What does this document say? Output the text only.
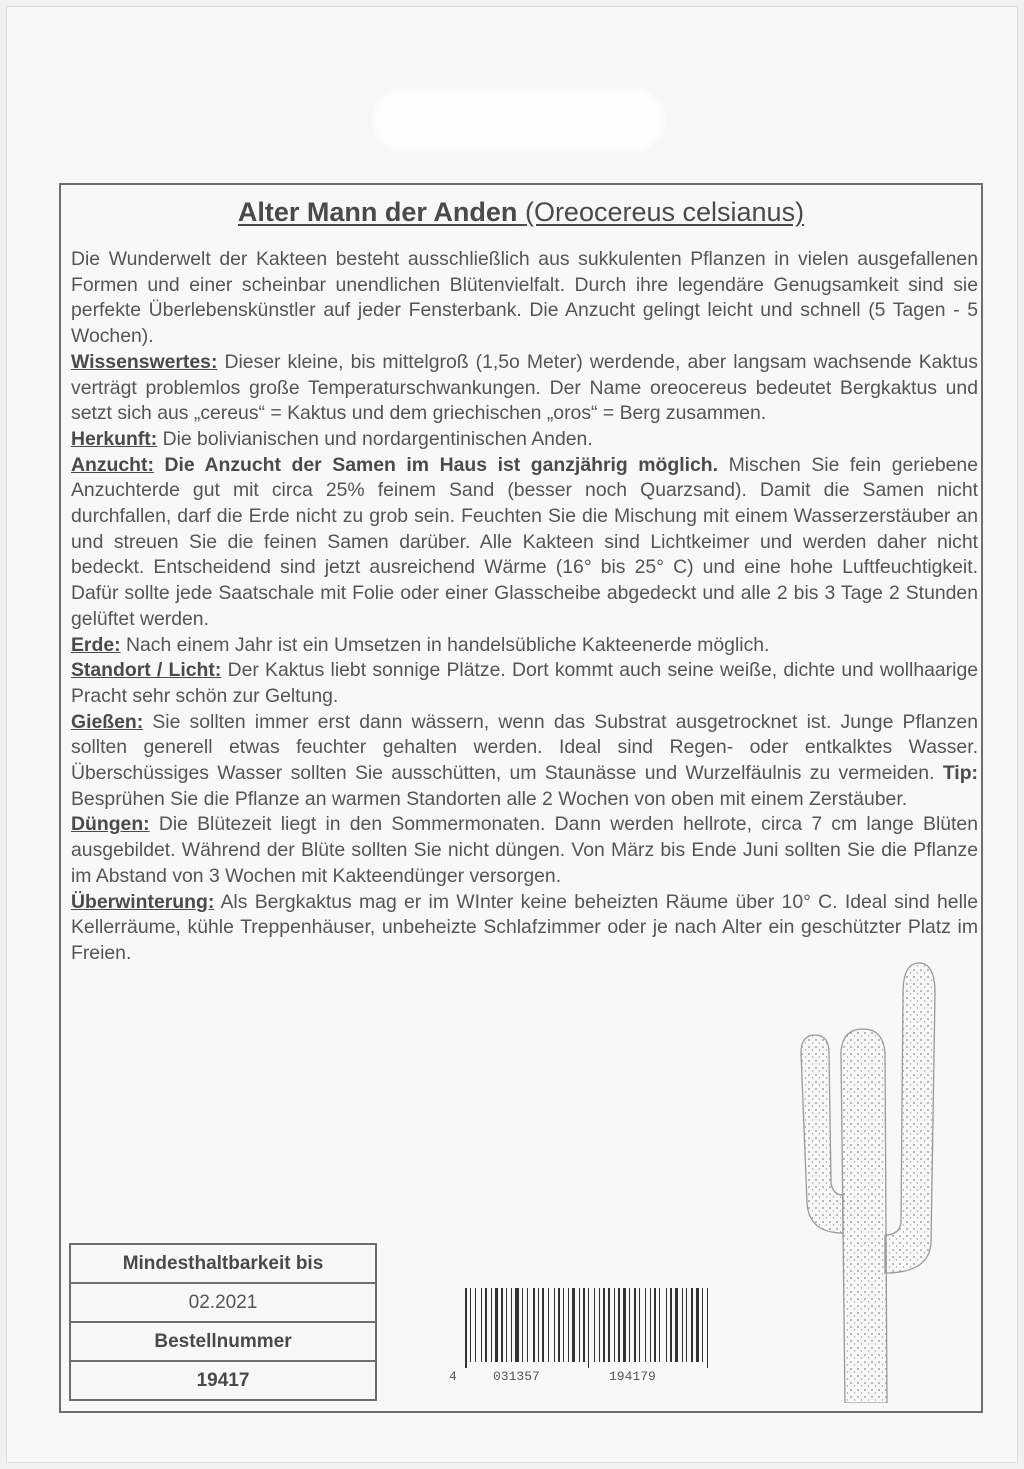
Alter Mann der Anden (Oreocereus celsianus)

Die Wunderwelt der Kakteen besteht ausschließlich aus sukkulenten Pflanzen in vielen ausgefallenen Formen und einer scheinbar unendlichen Blütenvielfalt. Durch ihre legendäre Genugsamkeit sind sie perfekte Überlebenskünstler auf jeder Fensterbank. Die Anzucht gelingt leicht und schnell (5 Tagen - 5 Wochen).

Wissenswertes: Dieser kleine, bis mittelgroß (1,5o Meter) werdende, aber langsam wachsende Kaktus verträgt problemlos große Temperaturschwankungen. Der Name oreocereus bedeutet Bergkaktus und setzt sich aus „cereus“ = Kaktus und dem griechischen „oros“ = Berg zusammen.

Herkunft: Die bolivianischen und nordargentinischen Anden.

Anzucht: Die Anzucht der Samen im Haus ist ganzjährig möglich. Mischen Sie fein geriebene Anzuchterde gut mit circa 25% feinem Sand (besser noch Quarzsand). Damit die Samen nicht durchfallen, darf die Erde nicht zu grob sein. Feuchten Sie die Mischung mit einem Wasserzerstäuber an und streuen Sie die feinen Samen darüber. Alle Kakteen sind Lichtkeimer und werden daher nicht bedeckt. Entscheidend sind jetzt ausreichend Wärme (16° bis 25° C) und eine hohe Luftfeuchtigkeit. Dafür sollte jede Saatschale mit Folie oder einer Glasscheibe abgedeckt und alle 2 bis 3 Tage 2 Stunden gelüftet werden.

Erde: Nach einem Jahr ist ein Umsetzen in handelsübliche Kakteenerde möglich.

Standort / Licht: Der Kaktus liebt sonnige Plätze. Dort kommt auch seine weiße, dichte und wollhaarige Pracht sehr schön zur Geltung.

Gießen: Sie sollten immer erst dann wässern, wenn das Substrat ausgetrocknet ist. Junge Pflanzen sollten generell etwas feuchter gehalten werden. Ideal sind Regen- oder entkalktes Wasser. Überschüssiges Wasser sollten Sie ausschütten, um Staunässe und Wurzelfäulnis zu vermeiden. Tip: Besprühen Sie die Pflanze an warmen Standorten alle 2 Wochen von oben mit einem Zerstäuber.

Düngen: Die Blütezeit liegt in den Sommermonaten. Dann werden hellrote, circa 7 cm lange Blüten ausgebildet. Während der Blüte sollten Sie nicht düngen. Von März bis Ende Juni sollten Sie die Pflanze im Abstand von 3 Wochen mit Kakteendünger versorgen.

Überwinterung: Als Bergkaktus mag er im WInter keine beheizten Räume über 10° C. Ideal sind helle Kellerräume, kühle Treppenhäuser, unbeheizte Schlafzimmer oder je nach Alter ein geschützter Platz im Freien.

Mindesthaltbarkeit bis
02.2021
Bestellnummer
19417	4	031357	194179
